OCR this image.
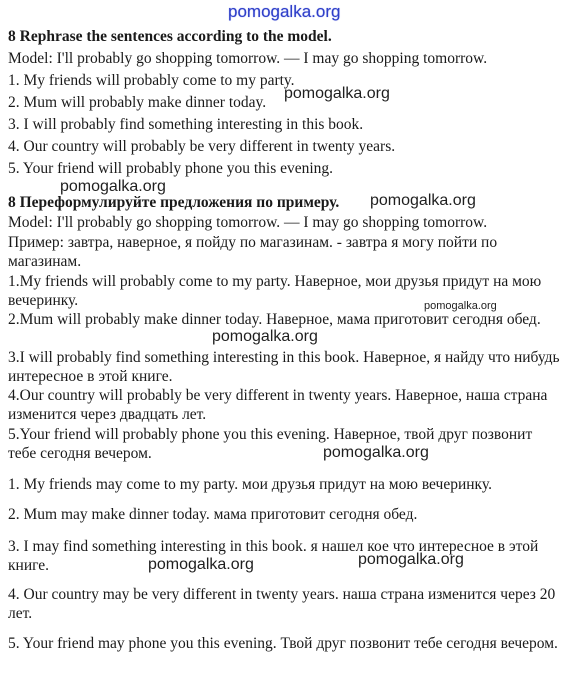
pomogalka.org
8 Rephrase the sentences according to the model.
Model: I'll probably go shopping tomorrow. — I may go shopping tomorrow.
1. My friends will probably come to my party.
2. Mum will probably make dinner today.
3. I will probably find something interesting in this book.
4. Our country will probably be very different in twenty years.
5. Your friend will probably phone you this evening.
8 Переформулируйте предложения по примеру.
Model: I'll probably go shopping tomorrow. — I may go shopping tomorrow.
Пример: завтра, наверное, я пойду по магазинам. - завтра я могу пойти по магазинам.
1.My friends will probably come to my party. Наверное, мои друзья придут на мою вечеринку.
2.Mum will probably make dinner today. Наверное, мама приготовит сегодня обед.
3.I will probably find something interesting in this book. Наверное, я найду что нибудь интересное в этой книге.
4.Our country will probably be very different in twenty years. Наверное, наша страна изменится через двадцать лет.
5.Your friend will probably phone you this evening. Наверное, твой друг позвонит тебе сегодня вечером.
1. My friends may come to my party. мои друзья придут на мою вечеринку.
2. Mum may make dinner today. мама приготовит сегодня обед.
3. I may find something interesting in this book. я нашел кое что интересное в этой книге.
4. Our country may be very different in twenty years. наша страна изменится через 20 лет.
5. Your friend may phone you this evening. Твой друг позвонит тебе сегодня вечером.
pomogalka.org
pomogalka.org
pomogalka.org
pomogalka.org
pomogalka.org
pomogalka.org
pomogalka.org	pomogalka.org
